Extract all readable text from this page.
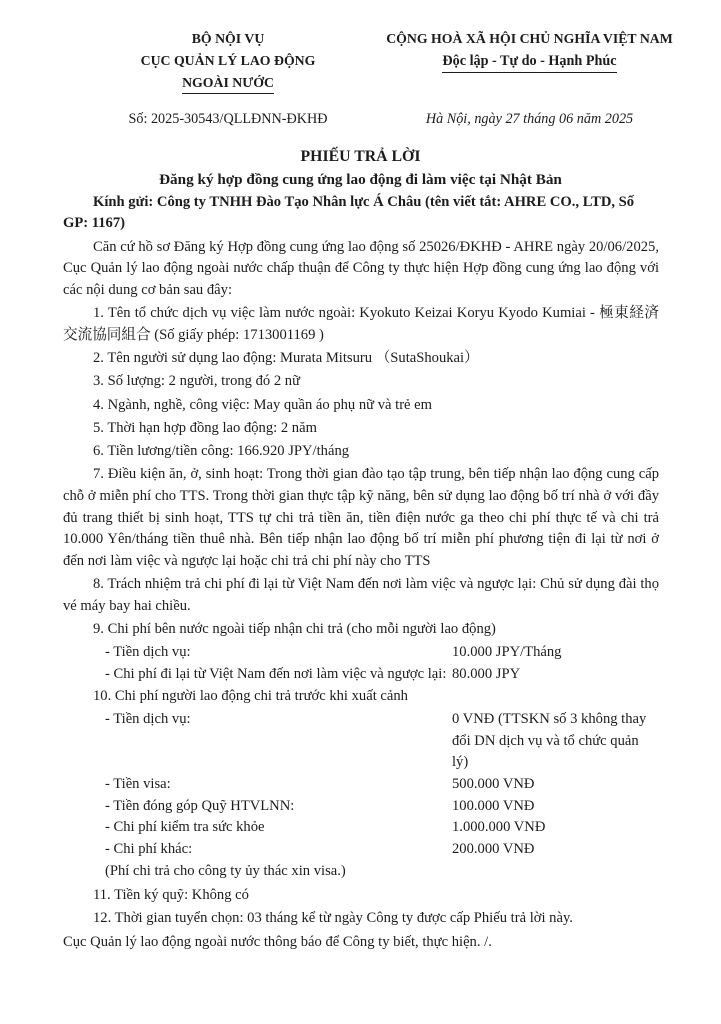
BỘ NỘI VỤ
CỤC QUẢN LÝ LAO ĐỘNG
NGOÀI NƯỚC
CỘNG HOÀ XÃ HỘI CHỦ NGHĨA VIỆT NAM
Độc lập - Tự do - Hạnh Phúc
Số: 2025-30543/QLLĐNN-ĐKHĐ	Hà Nội, ngày 27 tháng 06 năm 2025
PHIẾU TRẢ LỜI
Đăng ký hợp đồng cung ứng lao động đi làm việc tại Nhật Bản

Kính gửi: Công ty TNHH Đào Tạo Nhân lực Á Châu (tên viết tắt: AHRE CO., LTD, Số GP: 1167)

Căn cứ hồ sơ Đăng ký Hợp đồng cung ứng lao động số 25026/ĐKHĐ - AHRE ngày 20/06/2025, Cục Quản lý lao động ngoài nước chấp thuận để Công ty thực hiện Hợp đồng cung ứng lao động với các nội dung cơ bản sau đây:

1. Tên tổ chức dịch vụ việc làm nước ngoài: Kyokuto Keizai Koryu Kyodo Kumiai - 極東経済交流協同組合 (Số giấy phép: 1713001169 )

2. Tên người sử dụng lao động: Murata Mitsuru （SutaShoukai）

3. Số lượng: 2 người, trong đó 2 nữ

4. Ngành, nghề, công việc: May quần áo phụ nữ và trẻ em

5. Thời hạn hợp đồng lao động: 2 năm

6. Tiền lương/tiền công: 166.920 JPY/tháng

7. Điều kiện ăn, ở, sinh hoạt: Trong thời gian đào tạo tập trung, bên tiếp nhận lao động cung cấp chỗ ở miễn phí cho TTS. Trong thời gian thực tập kỹ năng, bên sử dụng lao động bố trí nhà ở với đầy đủ trang thiết bị sinh hoạt, TTS tự chi trả tiền ăn, tiền điện nước ga theo chi phí thực tế và chi trả 10.000 Yên/tháng tiền thuê nhà. Bên tiếp nhận lao động bố trí miễn phí phương tiện đi lại từ nơi ở đến nơi làm việc và ngược lại hoặc chi trả chi phí này cho TTS

8. Trách nhiệm trả chi phí đi lại từ Việt Nam đến nơi làm việc và ngược lại: Chủ sử dụng đài thọ vé máy bay hai chiều.

9. Chi phí bên nước ngoài tiếp nhận chi trả (cho mỗi người lao động)

- Tiền dịch vụ:	10.000 JPY/Tháng
- Chi phí đi lại từ Việt Nam đến nơi làm việc và ngược lại: 80.000 JPY

10. Chi phí người lao động chi trả trước khi xuất cảnh

- Tiền dịch vụ:	0 VNĐ (TTSKN số 3 không thay đổi DN dịch vụ và tổ chức quản lý)
- Tiền visa:	500.000 VNĐ
- Tiền đóng góp Quỹ HTVLNN:	100.000 VNĐ
- Chi phí kiểm tra sức khỏe	1.000.000 VNĐ
- Chi phí khác:	200.000 VNĐ
(Phí chi trả cho công ty ủy thác xin visa.)

11. Tiền ký quỹ: Không có

12. Thời gian tuyển chọn: 03 tháng kể từ ngày Công ty được cấp Phiếu trả lời này.

Cục Quản lý lao động ngoài nước thông báo để Công ty biết, thực hiện. /.
